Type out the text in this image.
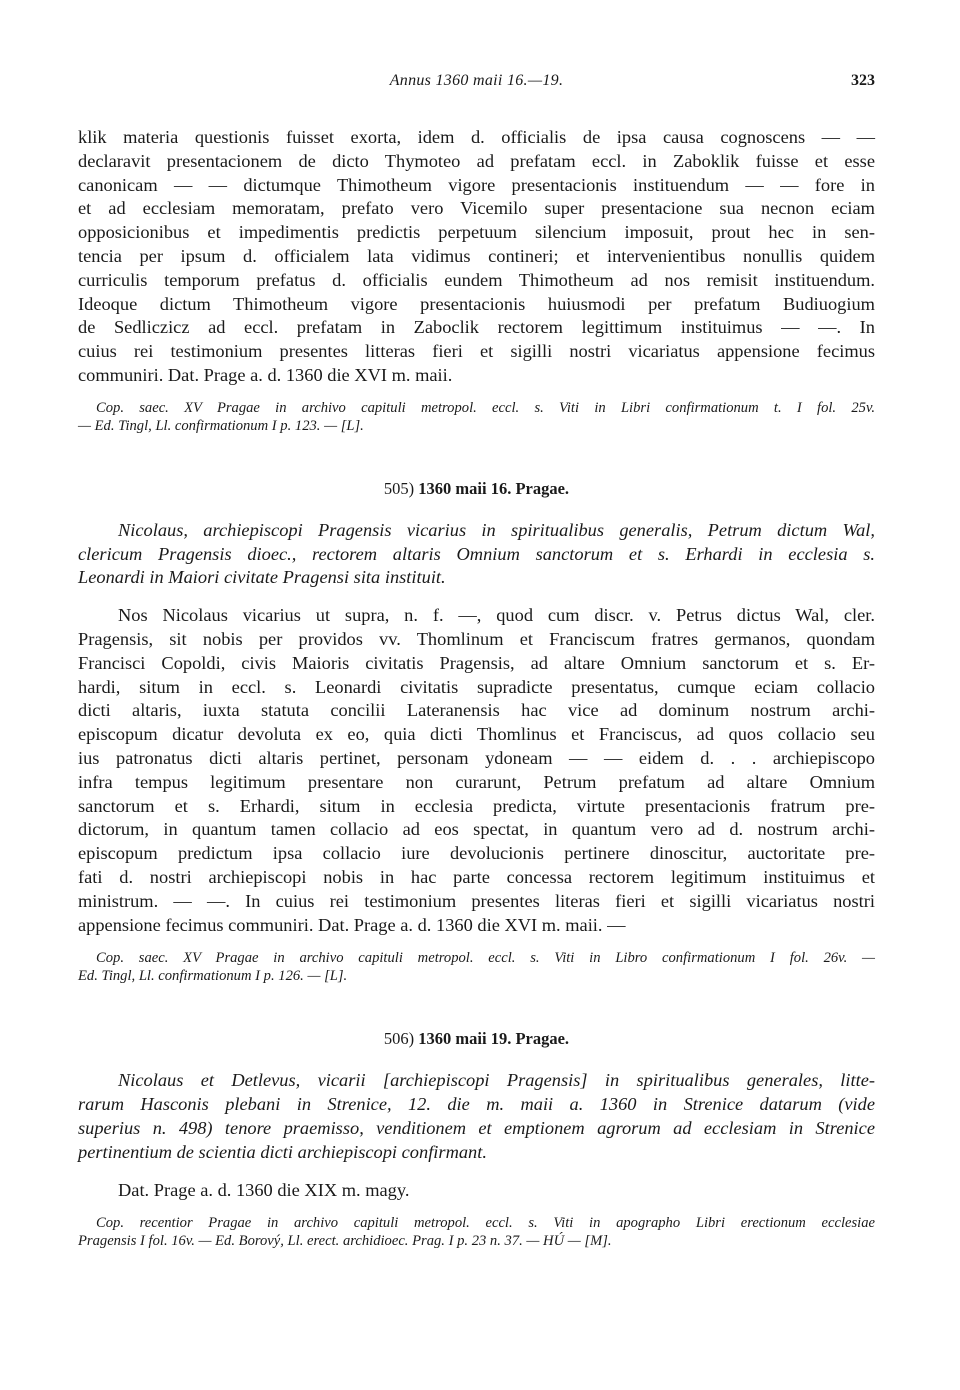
Annus 1360 maii 16.—19.	323
klik materia questionis fuisset exorta, idem d. officialis de ipsa causa cognoscens — —
declaravit presentacionem de dicto Thymoteo ad prefatam eccl. in Zaboklik fuisse et esse
canonicam — — dictumque Thimotheum vigore presentacionis instituendum — — fore in
et ad ecclesiam memoratam, prefato vero Vicemilo super presentacione sua necnon eciam
opposicionibus et impedimentis predictis perpetuum silencium imposuit, prout hec in sen-
tencia per ipsum d. officialem lata vidimus contineri; et intervenientibus nonullis quidem
curriculis temporum prefatus d. officialis eundem Thimotheum ad nos remisit instituendum.
Ideoque dictum Thimotheum vigore presentacionis huiusmodi per prefatum Budiuogium
de Sedliczicz ad eccl. prefatam in Zaboclik rectorem legittimum instituimus — —. In
cuius rei testimonium presentes litteras fieri et sigilli nostri vicariatus appensione fecimus
communiri. Dat. Prage a. d. 1360 die XVI m. maii.
Cop. saec. XV Pragae in archivo capituli metropol. eccl. s. Viti in Libri confirmationum t. I fol. 25v.
— Ed. Tingl, Ll. confirmationum I p. 123. — [L].
505) 1360 maii 16. Pragae.
Nicolaus, archiepiscopi Pragensis vicarius in spiritualibus generalis, Petrum dictum Wal,
clericum Pragensis dioec., rectorem altaris Omnium sanctorum et s. Erhardi in ecclesia s.
Leonardi in Maiori civitate Pragensi sita instituit.
Nos Nicolaus vicarius ut supra, n. f. —, quod cum discr. v. Petrus dictus Wal, cler.
Pragensis, sit nobis per providos vv. Thomlinum et Franciscum fratres germanos, quondam
Francisci Copoldi, civis Maioris civitatis Pragensis, ad altare Omnium sanctorum et s. Er-
hardi, situm in eccl. s. Leonardi civitatis supradicte presentatus, cumque eciam collacio
dicti altaris, iuxta statuta concilii Lateranensis hac vice ad dominum nostrum archi-
episcopum dicatur devoluta ex eo, quia dicti Thomlinus et Franciscus, ad quos collacio seu
ius patronatus dicti altaris pertinet, personam ydoneam — — eidem d. . . archiepiscopo
infra tempus legitimum presentare non curarunt, Petrum prefatum ad altare Omnium
sanctorum et s. Erhardi, situm in ecclesia predicta, virtute presentacionis fratrum pre-
dictorum, in quantum tamen collacio ad eos spectat, in quantum vero ad d. nostrum archi-
episcopum predictum ipsa collacio iure devolucionis pertinere dinoscitur, auctoritate pre-
fati d. nostri archiepiscopi nobis in hac parte concessa rectorem legitimum instituimus et
ministrum. — —. In cuius rei testimonium presentes literas fieri et sigilli vicariatus nostri
appensione fecimus communiri. Dat. Prage a. d. 1360 die XVI m. maii. —
Cop. saec. XV Pragae in archivo capituli metropol. eccl. s. Viti in Libro confirmationum I fol. 26v. —
Ed. Tingl, Ll. confirmationum I p. 126. — [L].
506) 1360 maii 19. Pragae.
Nicolaus et Detlevus, vicarii [archiepiscopi Pragensis] in spiritualibus generales, litte-
rarum Hasconis plebani in Strenice, 12. die m. maii a. 1360 in Strenice datarum (vide
superius n. 498) tenore praemisso, venditionem et emptionem agrorum ad ecclesiam in Strenice
pertinentium de scientia dicti archiepiscopi confirmant.
Dat. Prage a. d. 1360 die XIX m. magy.
Cop. recentior Pragae in archivo capituli metropol. eccl. s. Viti in apographo Libri erectionum ecclesiae
Pragensis I fol. 16v. — Ed. Borový, Ll. erect. archidioec. Prag. I p. 23 n. 37. — HÚ — [M].
